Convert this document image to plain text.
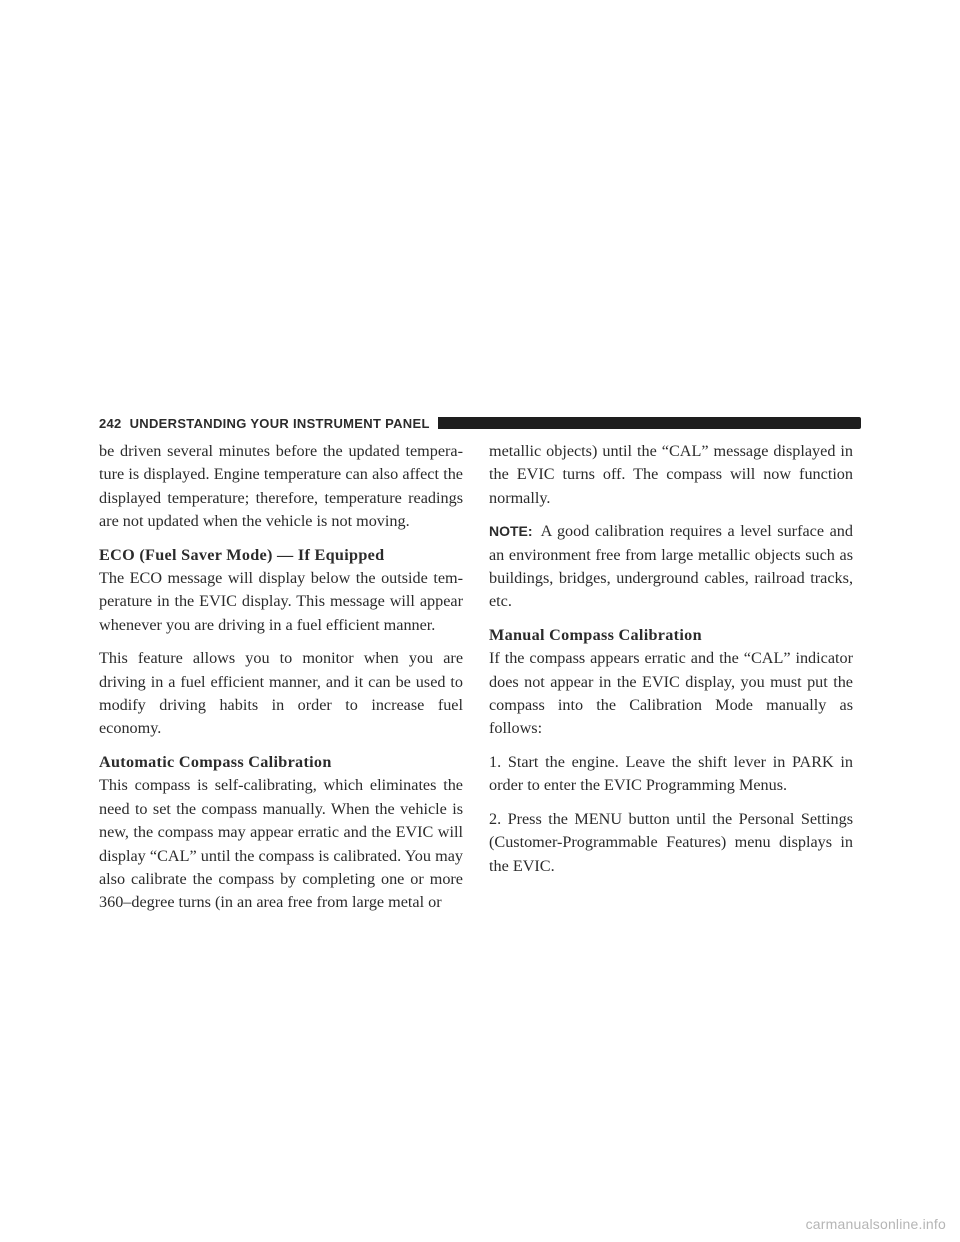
242 UNDERSTANDING YOUR INSTRUMENT PANEL

be driven several minutes before the updated tempera-ture is displayed. Engine temperature can also affect the displayed temperature; therefore, temperature readings are not updated when the vehicle is not moving.

ECO (Fuel Saver Mode) — If Equipped

The ECO message will display below the outside tem-perature in the EVIC display. This message will appear whenever you are driving in a fuel efficient manner.

This feature allows you to monitor when you are driving in a fuel efficient manner, and it can be used to modify driving habits in order to increase fuel economy.

Automatic Compass Calibration

This compass is self-calibrating, which eliminates the need to set the compass manually. When the vehicle is new, the compass may appear erratic and the EVIC will display “CAL” until the compass is calibrated. You may also calibrate the compass by completing one or more 360–degree turns (in an area free from large metal or

metallic objects) until the “CAL” message displayed in the EVIC turns off. The compass will now function normally.

NOTE: A good calibration requires a level surface and an environment free from large metallic objects such as buildings, bridges, underground cables, railroad tracks, etc.

Manual Compass Calibration

If the compass appears erratic and the “CAL” indicator does not appear in the EVIC display, you must put the compass into the Calibration Mode manually as follows:

1. Start the engine. Leave the shift lever in PARK in order to enter the EVIC Programming Menus.

2. Press the MENU button until the Personal Settings (Customer-Programmable Features) menu displays in the EVIC.

carmanualsonline.info
